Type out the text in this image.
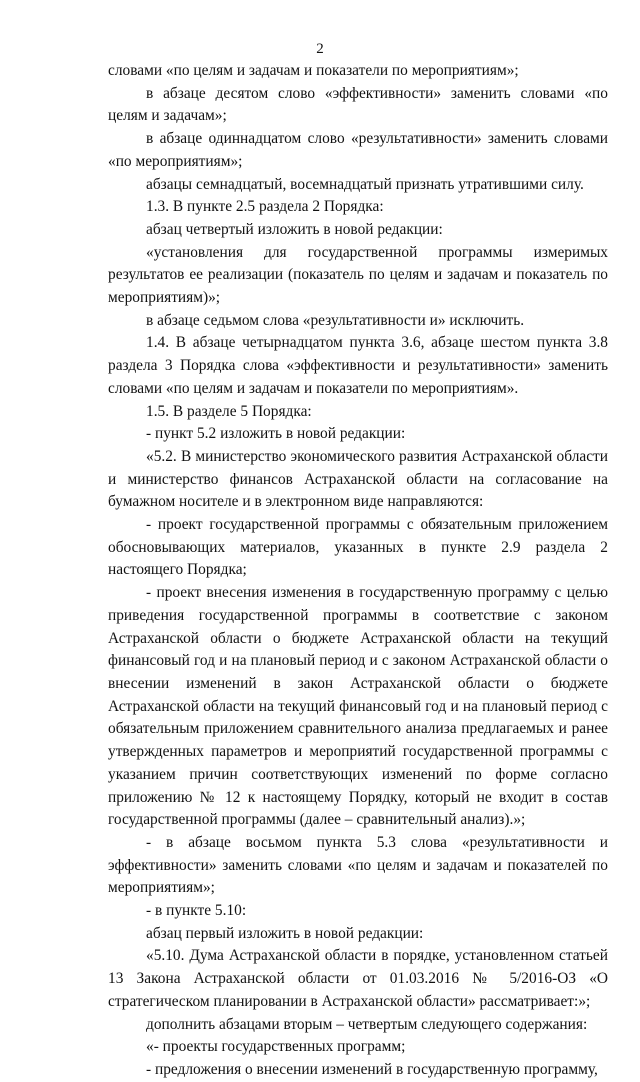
2

словами «по целям и задачам и показатели по мероприятиям»;

в абзаце десятом слово «эффективности» заменить словами «по целям и задачам»;

в абзаце одиннадцатом слово «результативности» заменить словами «по мероприятиям»;

абзацы семнадцатый, восемнадцатый признать утратившими силу.

1.3. В пункте 2.5 раздела 2 Порядка:

абзац четвертый изложить в новой редакции:

«установления для государственной программы измеримых результатов ее реализации (показатель по целям и задачам и показатель по мероприятиям)»;

в абзаце седьмом слова «результативности и» исключить.

1.4. В абзаце четырнадцатом пункта 3.6, абзаце шестом пункта 3.8 раздела 3 Порядка слова «эффективности и результативности» заменить словами «по целям и задачам и показатели по мероприятиям».

1.5. В разделе 5 Порядка:

- пункт 5.2 изложить в новой редакции:

«5.2. В министерство экономического развития Астраханской области и министерство финансов Астраханской области на согласование на бумажном носителе и в электронном виде направляются:

- проект государственной программы с обязательным приложением обосновывающих материалов, указанных в пункте 2.9 раздела 2 настоящего Порядка;

- проект внесения изменения в государственную программу с целью приведения государственной программы в соответствие с законом Астраханской области о бюджете Астраханской области на текущий финансовый год и на плановый период и с законом Астраханской области о внесении изменений в закон Астраханской области о бюджете Астраханской области на текущий финансовый год и на плановый период с обязательным приложением сравнительного анализа предлагаемых и ранее утвержденных параметров и мероприятий государственной программы с указанием причин соответствующих изменений по форме согласно приложению № 12 к настоящему Порядку, который не входит в состав государственной программы (далее – сравнительный анализ).»;

- в абзаце восьмом пункта 5.3 слова «результативности и эффективности» заменить словами «по целям и задачам и показателей по мероприятиям»;

- в пункте 5.10:

абзац первый изложить в новой редакции:

«5.10. Дума Астраханской области в порядке, установленном статьей 13 Закона Астраханской области от 01.03.2016 № 5/2016-ОЗ «О стратегическом планировании в Астраханской области» рассматривает:»;

дополнить абзацами вторым – четвертым следующего содержания:

«- проекты государственных программ;

- предложения о внесении изменений в государственную программу,
